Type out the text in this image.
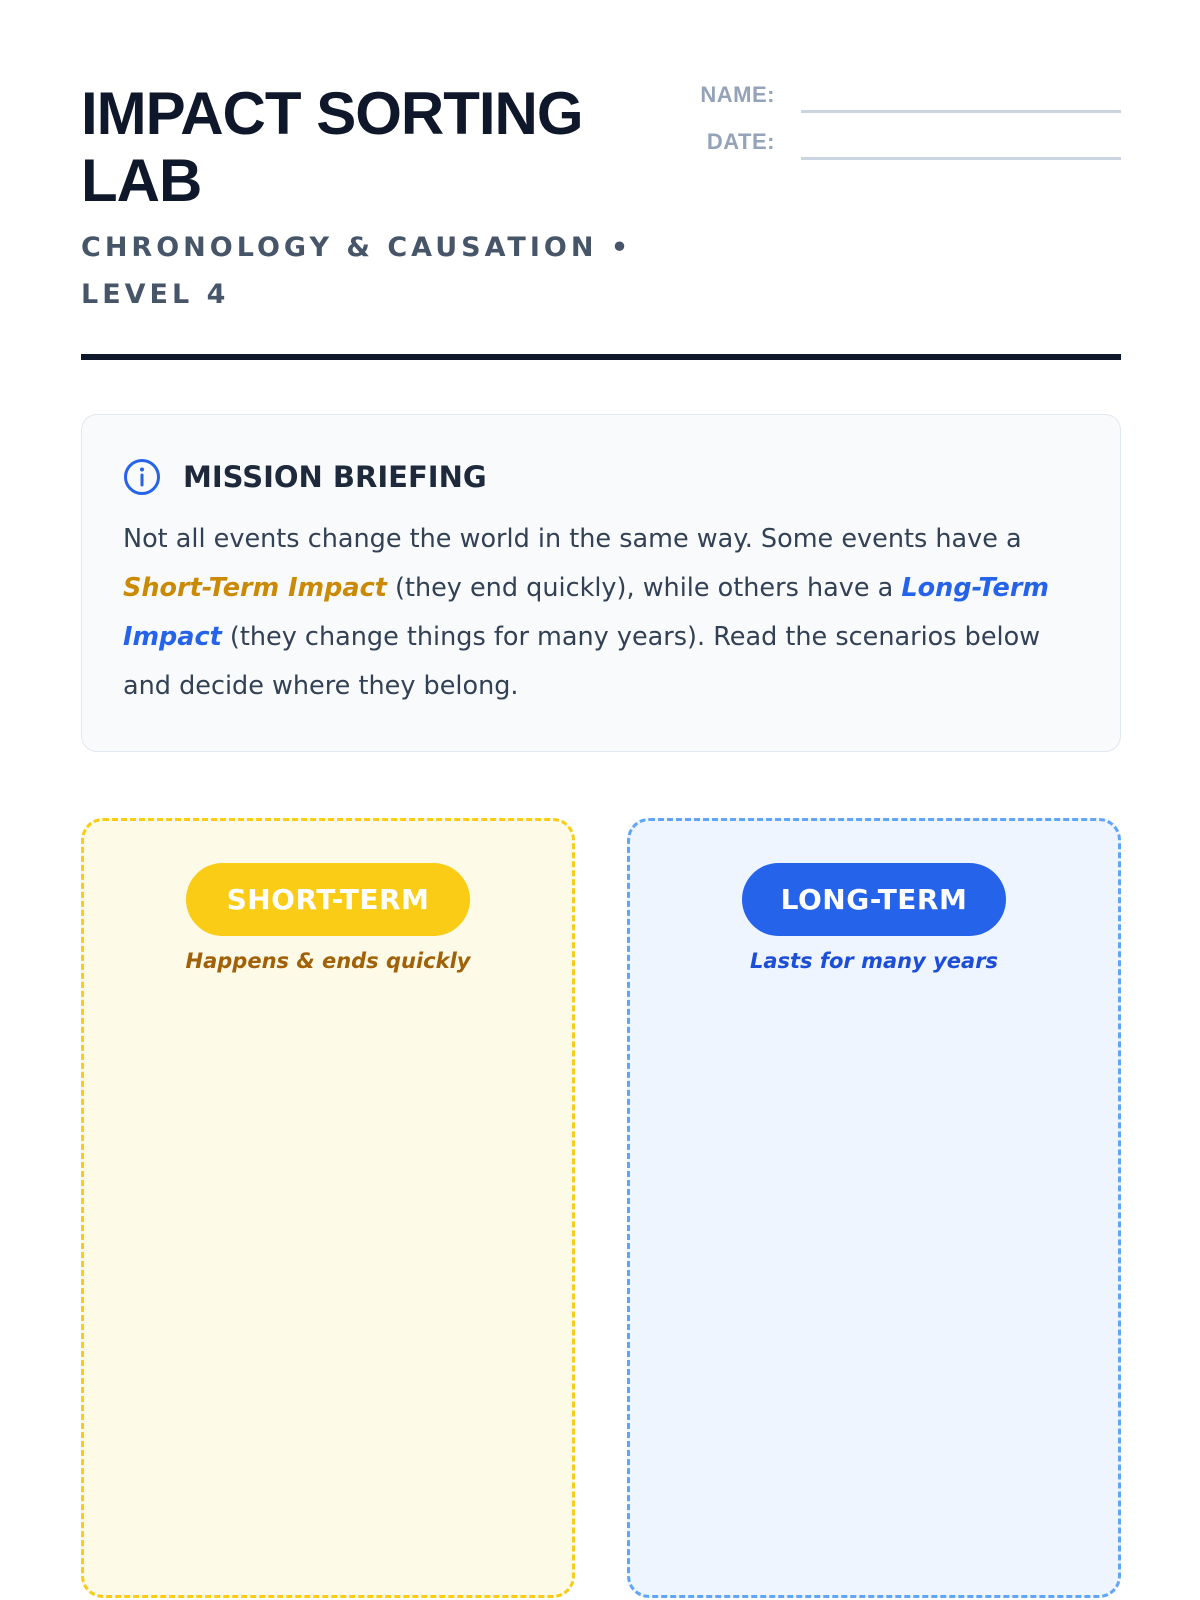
IMPACT SORTING LAB
CHRONOLOGY & CAUSATION • LEVEL 4
NAME:
DATE:
MISSION BRIEFING

Not all events change the world in the same way. Some events have a Short-Term Impact (they end quickly), while others have a Long-Term Impact (they change things for many years). Read the scenarios below and decide where they belong.

SHORT-TERM
Happens & ends quickly
LONG-TERM
Lasts for many years
